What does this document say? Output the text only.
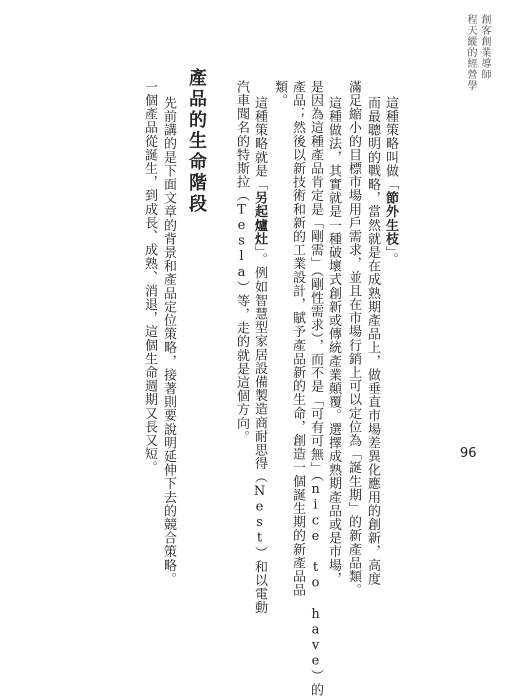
創客創業導師
程天縱的經營學
這種策略叫做「節外生枝」。
而最聰明的戰略，當然就是在成熟期產品上，做垂直市場差異化應用的創新，高度
滿足縮小的目標市場用戶需求，並且在市場行銷上可以定位為「誕生期」的新產品類。
這種做法，其實就是一種破壞式創新或傳統產業顛覆。選擇成熟期產品或是市場，
是因為這種產品肯定是「剛需」（剛性需求），而不是「可有可無」（nice to have）的
產品；然後以新技術和新的工業設計，賦予產品新的生命，創造一個誕生期的新產品品
類。
這種策略就是「另起爐灶」。例如智慧型家居設備製造商耐思得（Nest）和以電動
汽車聞名的特斯拉（Tesla）等，走的就是這個方向。
產品的生命階段
先前講的是下面文章的背景和產品定位策略，接著則要說明延伸下去的競合策略。
一個產品從誕生，到成長、成熟、消退，這個生命週期又長又短。	96
